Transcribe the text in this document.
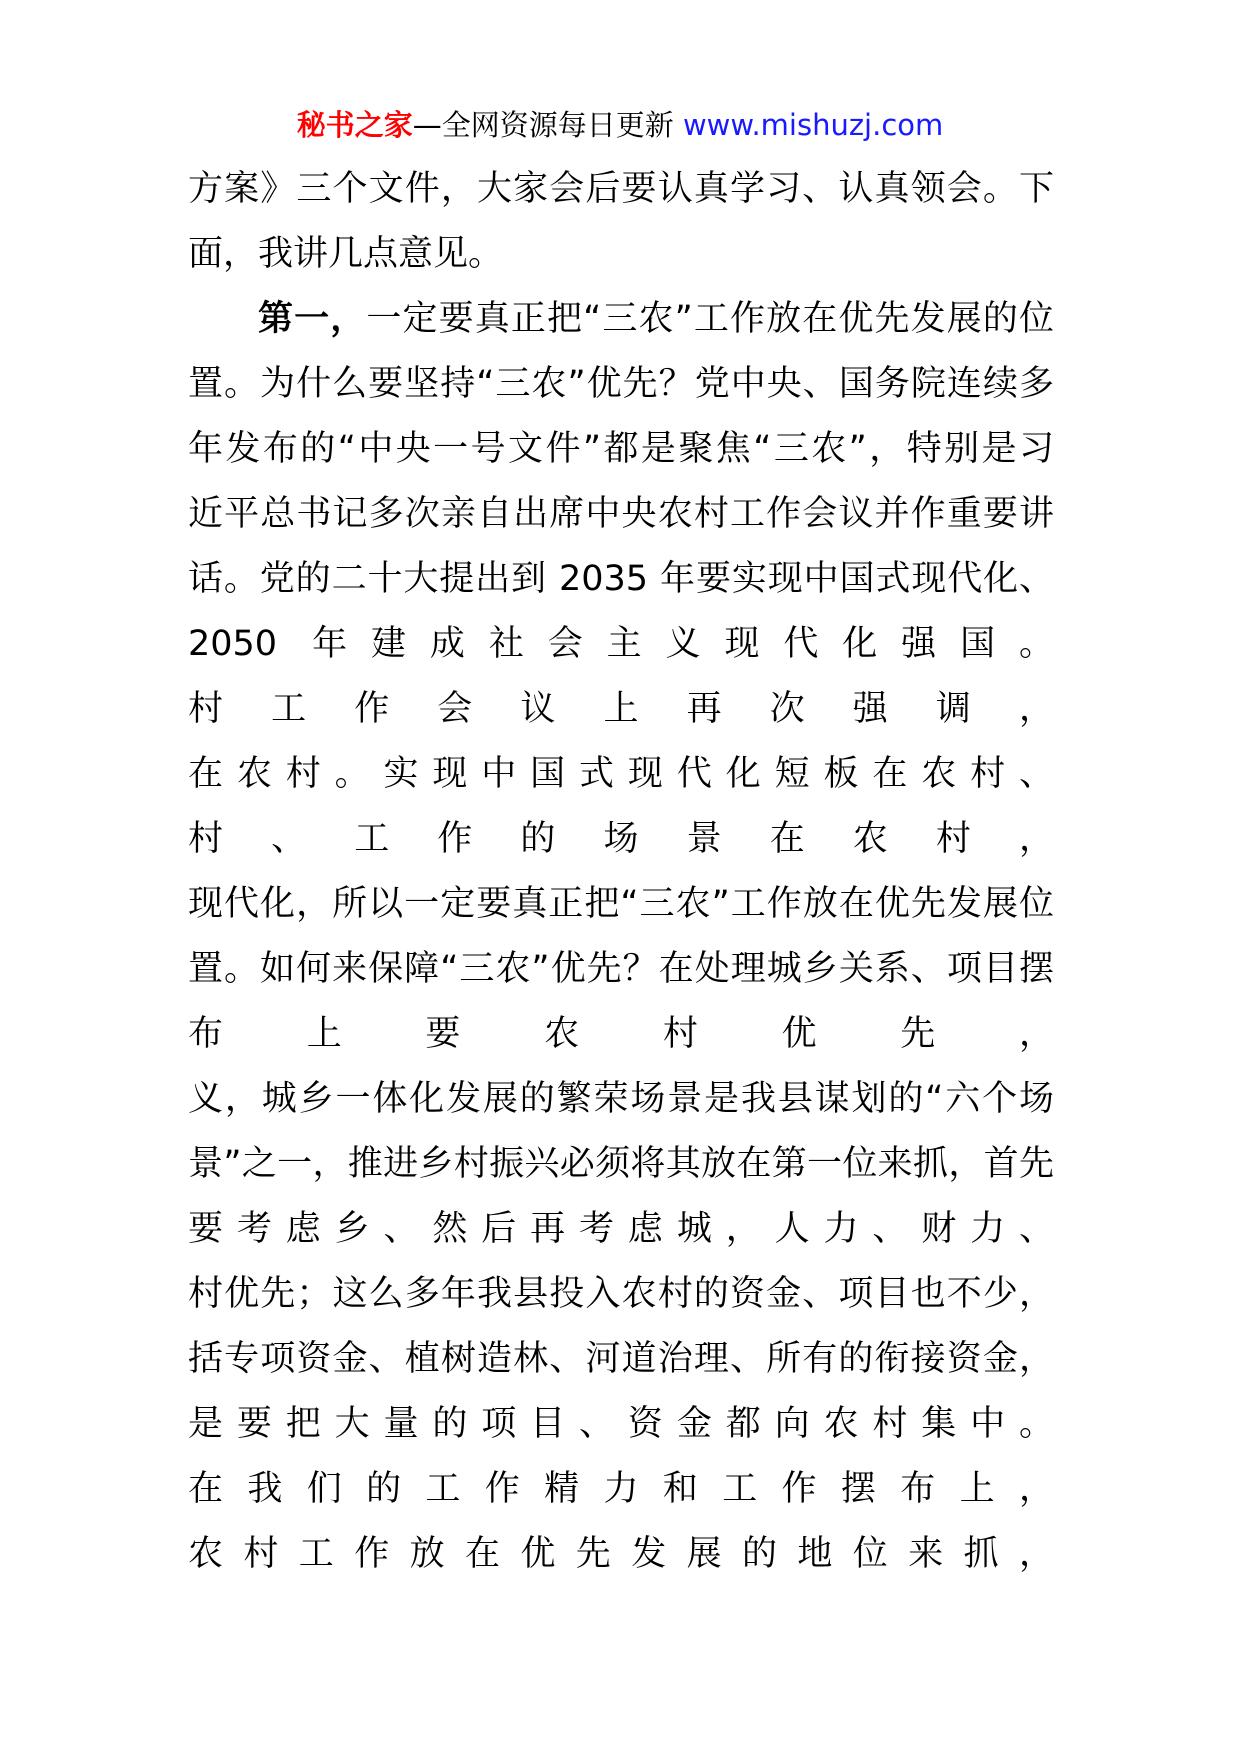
秘书之家—全网资源每日更新 www.mishuzj.com
方案》三个文件，大家会后要认真学习、认真领会。下
面，我讲几点意见。
第一，一定要真正把“三农”工作放在优先发展的位
置。为什么要坚持“三农”优先？党中央、国务院连续多
年发布的“中央一号文件”都是聚焦“三农”，特别是习
近平总书记多次亲自出席中央农村工作会议并作重要讲
话。党的二十大提出到 2035 年要实现中国式现代化、
2050 年建成社会主义现代化强国。
村工作会议上再次强调，
在农村。实现中国式现代化短板在农村、
村、工作的场景在农村，
现代化，所以一定要真正把“三农”工作放在优先发展位
置。如何来保障“三农”优先？在处理城乡关系、项目摆
布上要农村优先，
义，城乡一体化发展的繁荣场景是我县谋划的“六个场
景”之一，推进乡村振兴必须将其放在第一位来抓，首先
要考虑乡、然后再考虑城，人力、财力、
村优先；这么多年我县投入农村的资金、项目也不少，
括专项资金、植树造林、河道治理、所有的衔接资金，
是要把大量的项目、资金都向农村集中。
在我们的工作精力和工作摆布上，
农村工作放在优先发展的地位来抓，
